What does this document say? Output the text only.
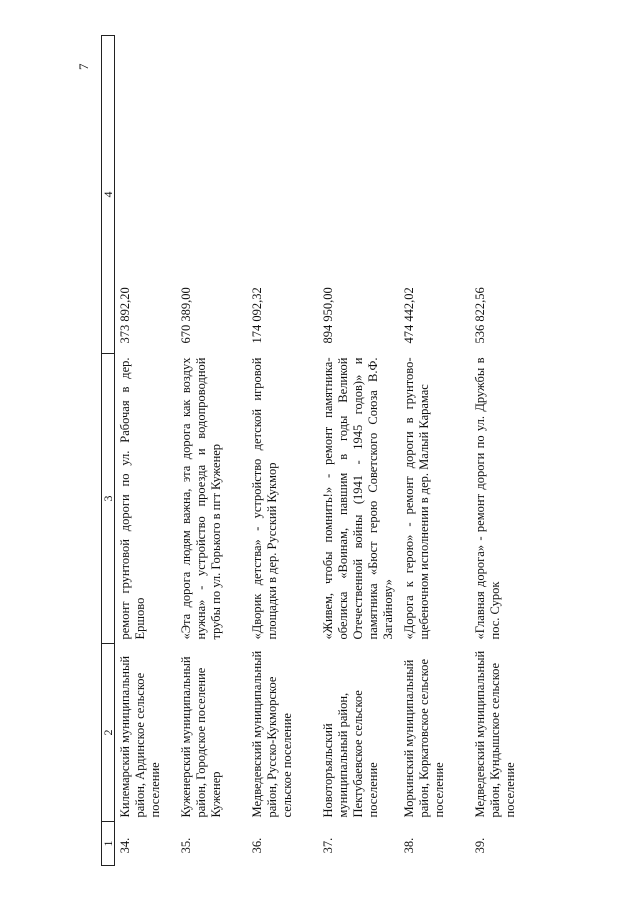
7
1	2	3	4
34.	Килемарский муниципальный район, Ардинское сельское поселение	ремонт грунтовой дороги по ул. Рабочая в дер. Ершово	373 892,20
35.	Куженерский муниципальный район, Городское поселение Куженер	«Эта дорога людям важна, эта дорога как воздух нужна» - устройство проезда и водопроводной трубы по ул. Горького в пгт Куженер	670 389,00
36.	Медведевский муниципальный район, Русско-Кукморское сельское поселение	«Дворик детства» - устройство детской игровой площадки в дер. Русский Кукмор	174 092,32
37.	Новоторъяльский муниципальный район, Пектубаевское сельское поселение	«Живем, чтобы помнить!» - ремонт памятника-обелиска «Воинам, павшим в годы Великой Отечественной войны (1941 - 1945 годов)» и памятника «Бюст герою Советского Союза В.Ф. Загайнову»	894 950,00
38.	Моркинский муниципальный район, Коркатовское сельское поселение	«Дорога к герою» - ремонт дороги в грунтово-щебеночном исполнении в дер. Малый Карамас	474 442,02
39.	Медведевский муниципальный район, Кундышское сельское поселение	«Главная дорога» - ремонт дороги по ул. Дружбы в пос. Сурок	536 822,56
